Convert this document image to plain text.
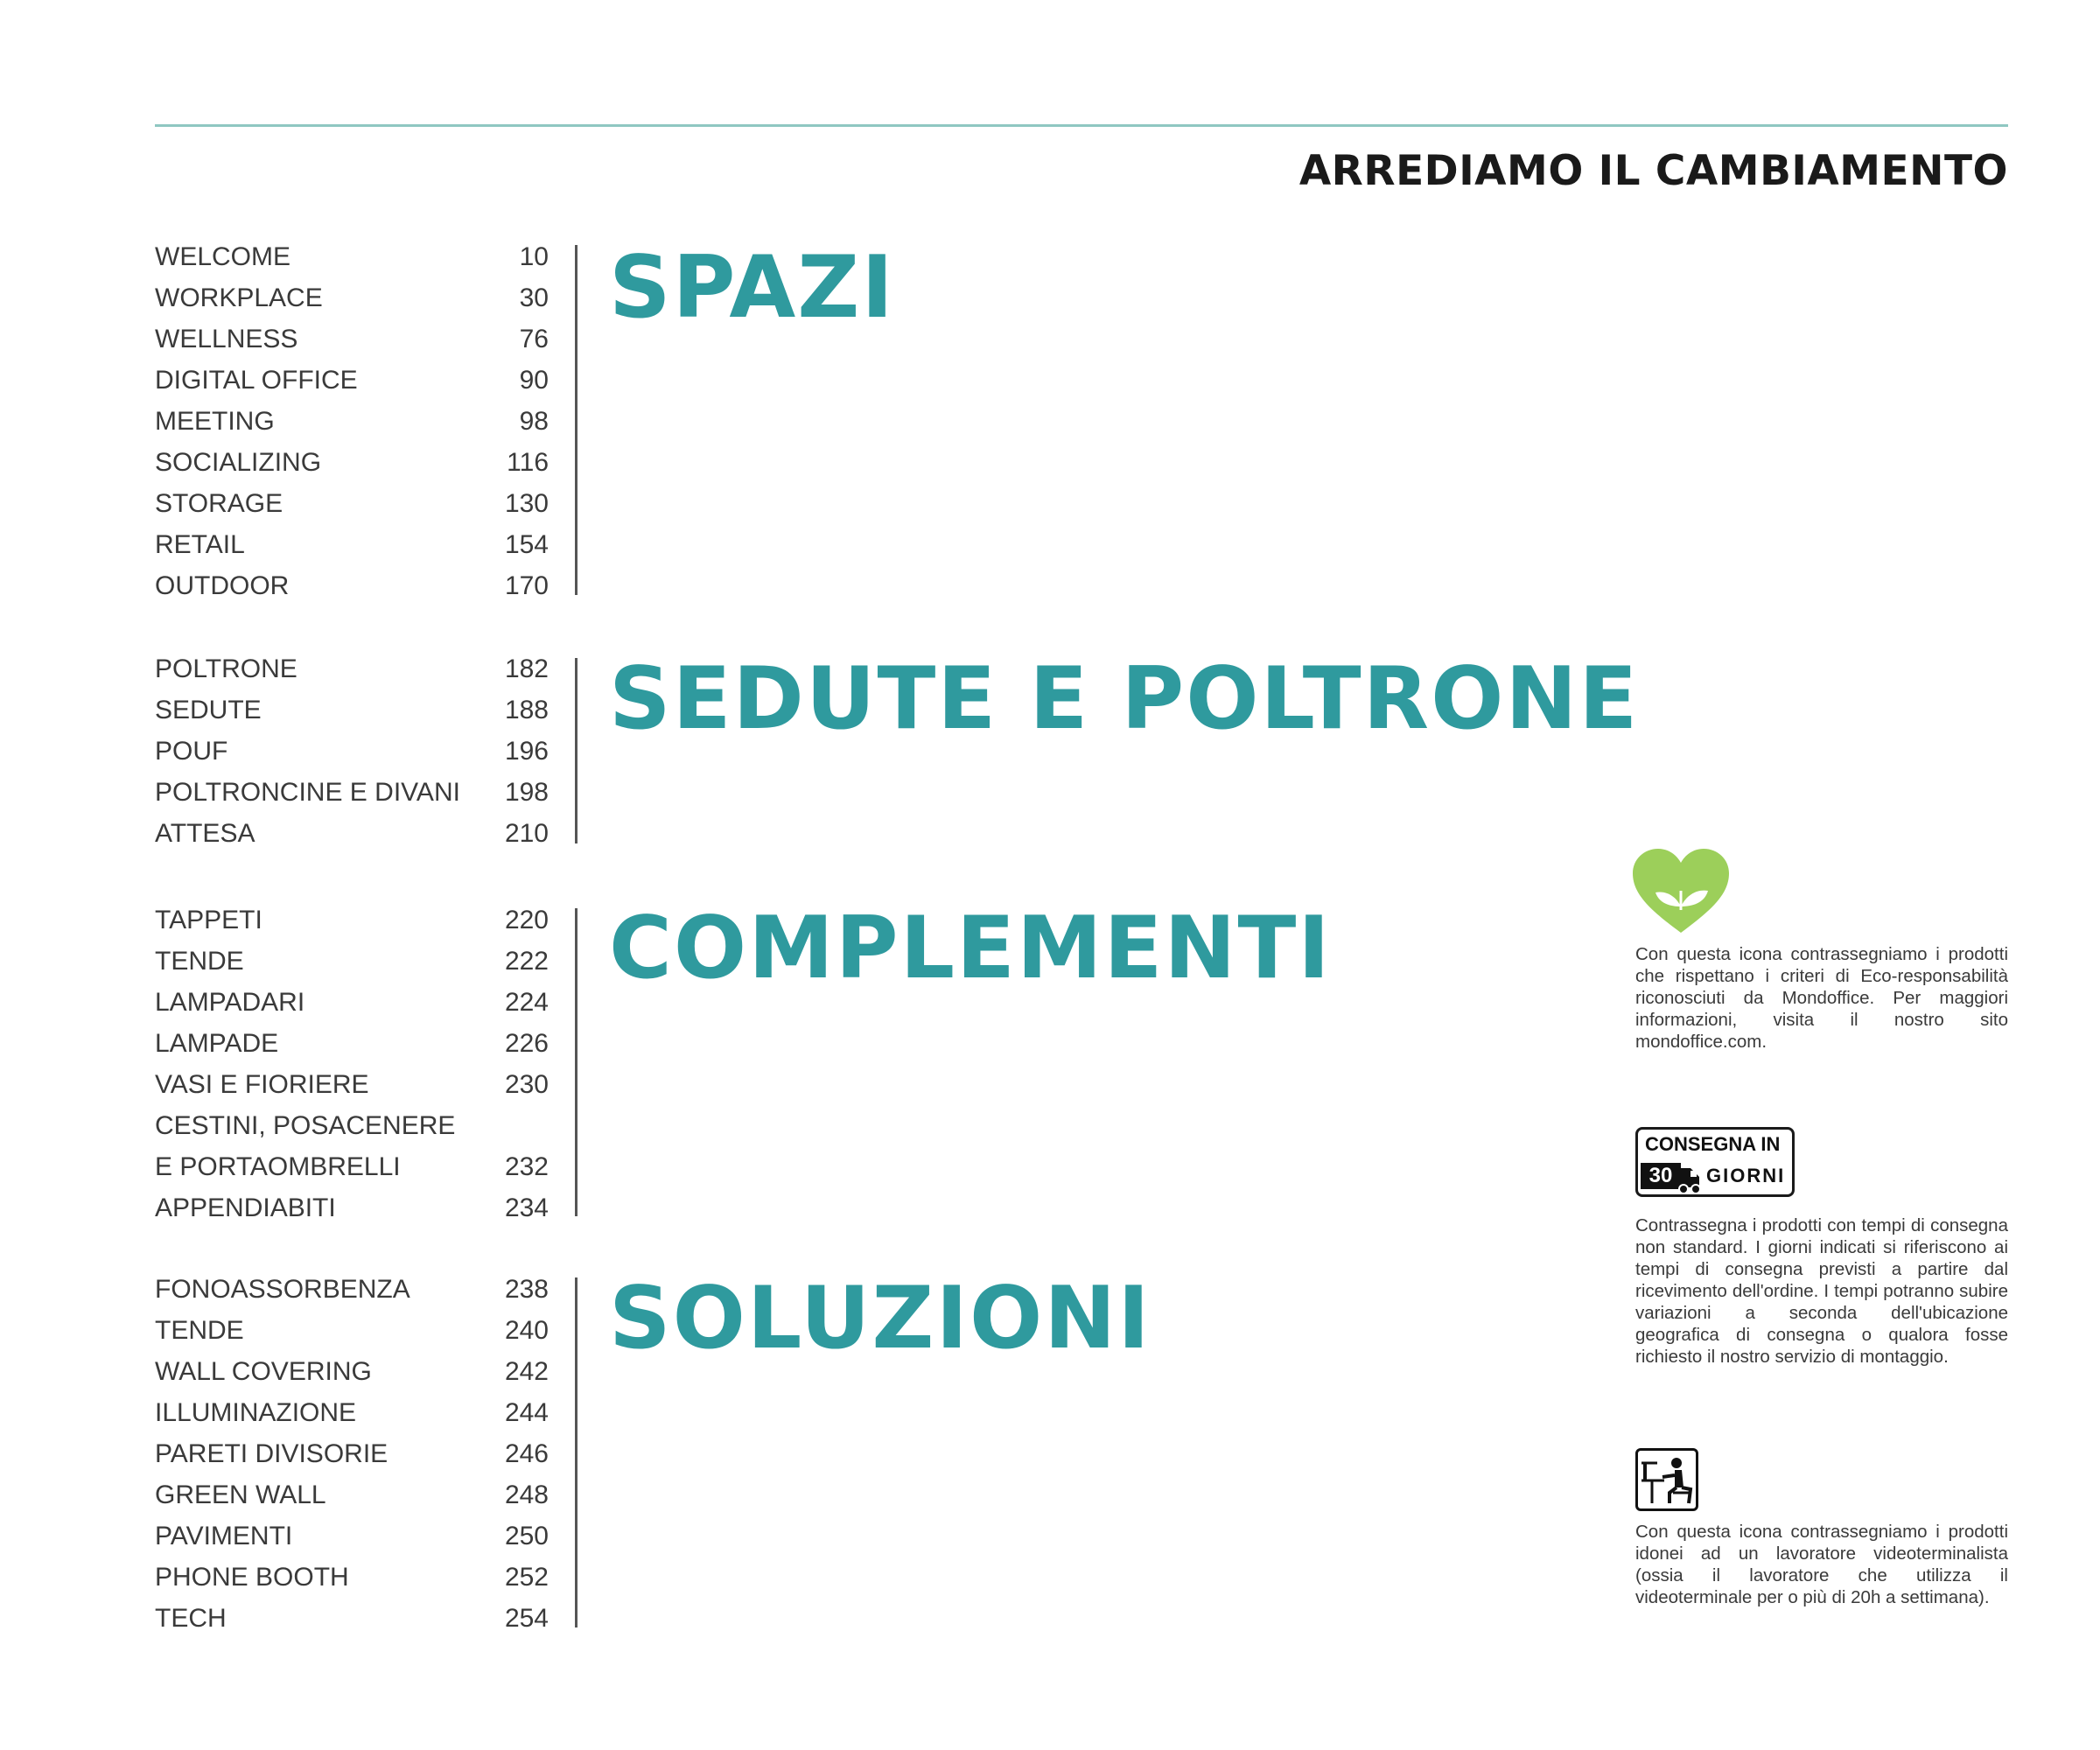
ARREDIAMO IL CAMBIAMENTO
WELCOME	10
WORKPLACE	30
WELLNESS	76
DIGITAL OFFICE	90
MEETING	98
SOCIALIZING	116
STORAGE	130
RETAIL	154
OUTDOOR	170
SPAZI
POLTRONE	182
SEDUTE	188
POUF	196
POLTRONCINE E DIVANI 198
ATTESA	210
SEDUTE E POLTRONE
TAPPETI	220
TENDE	222
LAMPADARI	224
LAMPADE	226
VASI E FIORIERE	230
CESTINI, POSACENERE
E PORTAOMBRELLI	232
APPENDIABITI	234
COMPLEMENTI
FONOASSORBENZA	238
TENDE	240
WALL COVERING	242
ILLUMINAZIONE	244
PARETI DIVISORIE	246
GREEN WALL	248
PAVIMENTI	250
PHONE BOOTH	252
TECH	254
SOLUZIONI
Con questa icona contrassegniamo i prodotti che rispettano i criteri di Eco-responsabilità riconosciuti da Mondoffice. Per maggiori informazioni, visita il nostro sito mondoffice.com.
CONSEGNA IN
30	GIORNI
Contrassegna i prodotti con tempi di consegna non standard. I giorni indicati si riferiscono ai tempi di consegna previsti a partire dal ricevimento dell'ordine. I tempi potranno subire variazioni a seconda dell'ubicazione geografica di consegna o qualora fosse richiesto il nostro servizio di montaggio.
Con questa icona contrassegniamo i prodotti idonei ad un lavoratore videoterminalista (ossia il lavoratore che utilizza il videoterminale per o più di 20h a settimana).
